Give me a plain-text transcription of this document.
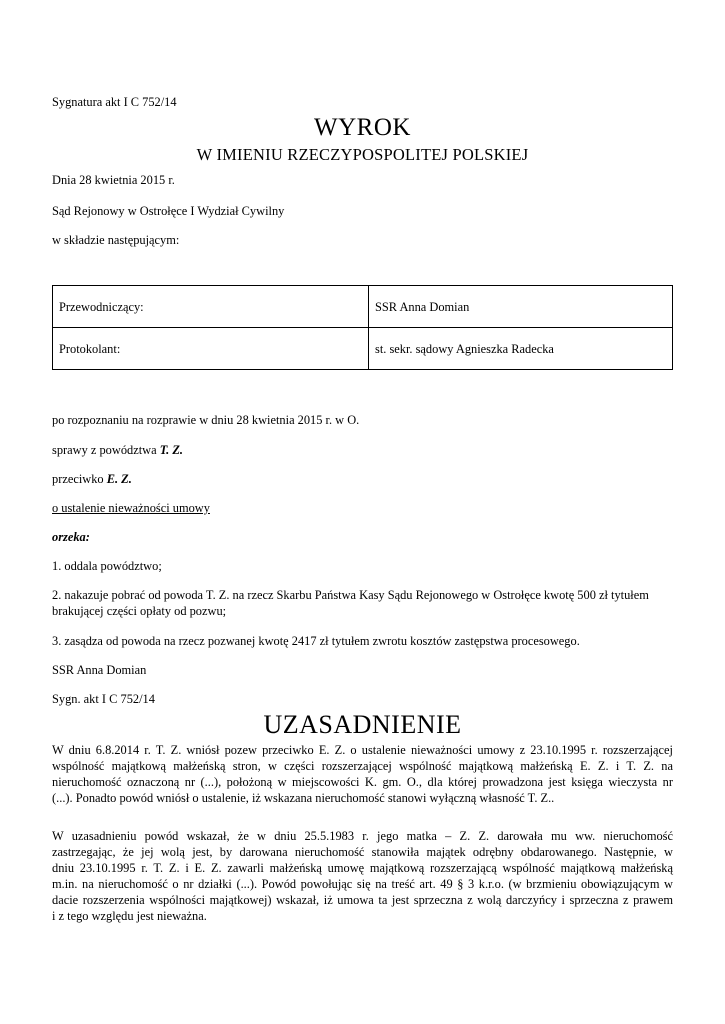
Sygnatura akt I C 752/14

WYROK

W IMIENIU RZECZYPOSPOLITEJ POLSKIEJ

Dnia 28 kwietnia 2015 r.

Sąd Rejonowy w Ostrołęce I Wydział Cywilny

w składzie następującym:

Przewodniczący:	SSR Anna Domian
Protokolant:	st. sekr. sądowy Agnieszka Radecka

po rozpoznaniu na rozprawie w dniu 28 kwietnia 2015 r. w O.

sprawy z powództwa T. Z.

przeciwko E. Z.

o ustalenie nieważności umowy

orzeka:

1. oddala powództwo;

2. nakazuje pobrać od powoda T. Z. na rzecz Skarbu Państwa Kasy Sądu Rejonowego w Ostrołęce kwotę 500 zł tytułem

brakującej części opłaty od pozwu;

3. zasądza od powoda na rzecz pozwanej kwotę 2417 zł tytułem zwrotu kosztów zastępstwa procesowego.

SSR Anna Domian

Sygn. akt I C 752/14

UZASADNIENIE

W dniu 6.8.2014 r. T. Z. wniósł pozew przeciwko E. Z. o ustalenie nieważności umowy z 23.10.1995 r. rozszerzającej
wspólność majątkową małżeńską stron, w części rozszerzającej wspólność majątkową małżeńską E. Z. i T. Z. na
nieruchomość oznaczoną nr (...), położoną w miejscowości K. gm. O., dla której prowadzona jest księga wieczysta nr
(...). Ponadto powód wniósł o ustalenie, iż wskazana nieruchomość stanowi wyłączną własność T. Z..
W uzasadnieniu powód wskazał, że w dniu 25.5.1983 r. jego matka – Z. Z. darowała mu ww. nieruchomość
zastrzegając, że jej wolą jest, by darowana nieruchomość stanowiła majątek odrębny obdarowanego. Następnie, w
dniu 23.10.1995 r. T. Z. i E. Z. zawarli małżeńską umowę majątkową rozszerzającą wspólność majątkową małżeńską
m.in. na nieruchomość o nr działki (...). Powód powołując się na treść art. 49 § 3 k.r.o. (w brzmieniu obowiązującym w
dacie rozszerzenia wspólności majątkowej) wskazał, iż umowa ta jest sprzeczna z wolą darczyńcy i sprzeczna z prawem
i z tego względu jest nieważna.
